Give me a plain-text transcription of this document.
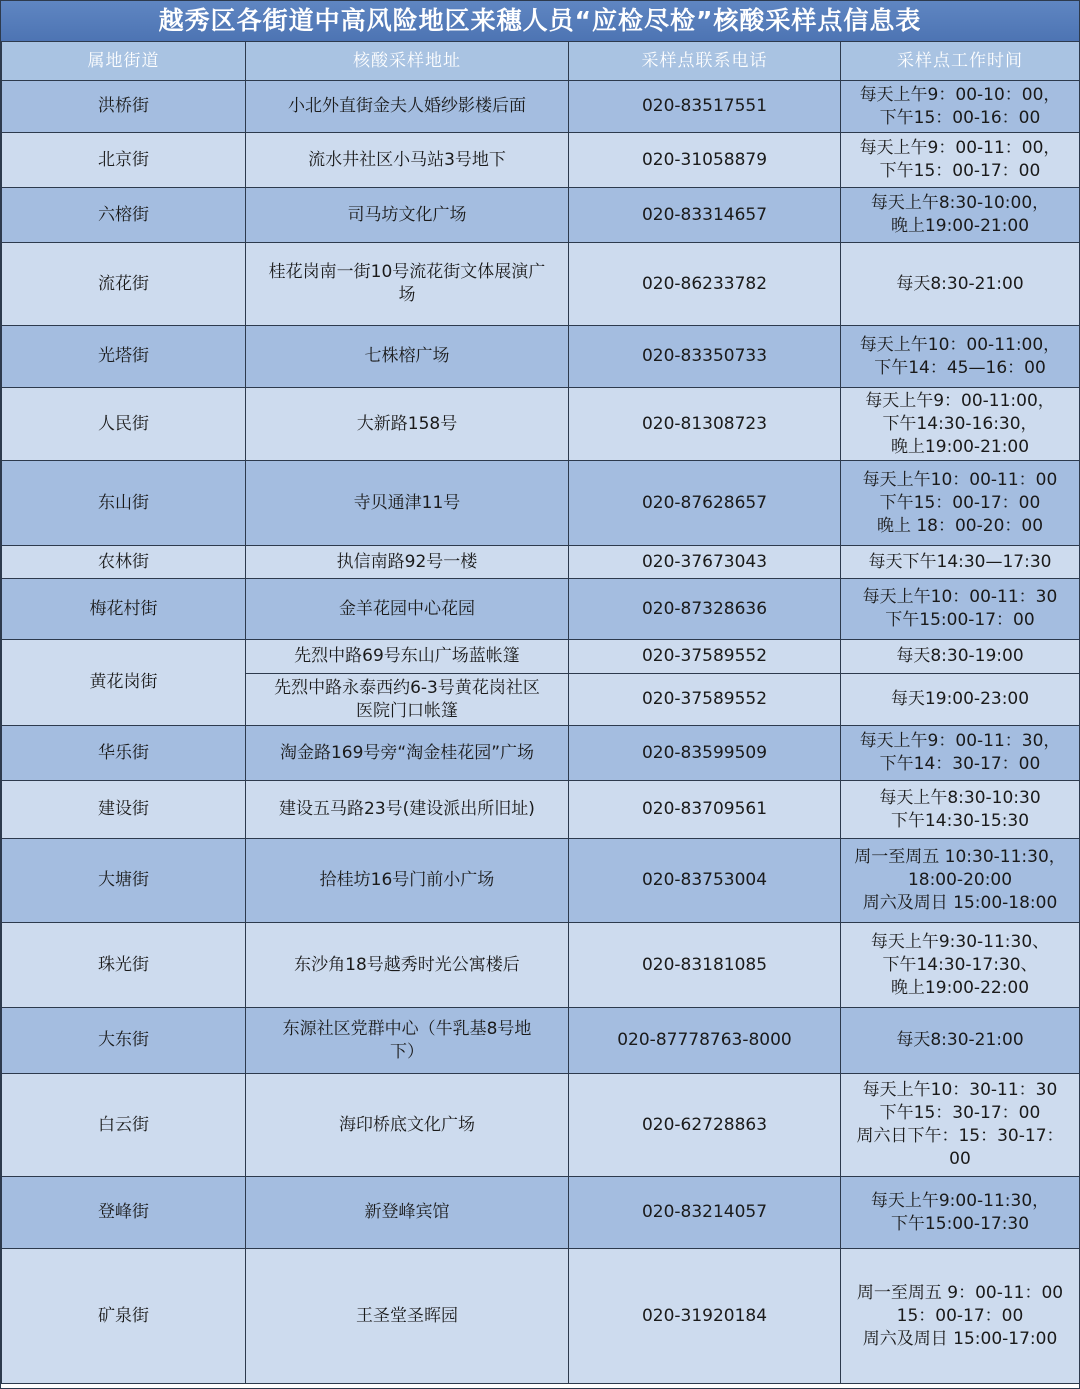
越秀区各街道中高风险地区来穗人员“应检尽检”核酸采样点信息表
属地街道	核酸采样地址	采样点联系电话	采样点工作时间
洪桥街	小北外直街金夫人婚纱影楼后面	020-83517551	每天上午9：00-10：00，
下午15：00-16：00

北京街	流水井社区小马站3号地下	020-31058879	每天上午9：00-11：00，
下午15：00-17：00

六榕街	司马坊文化广场	020-83314657	每天上午8:30-10:00，
晚上19:00-21:00

流花街	桂花岗南一街10号流花街文体展演广
场	020-86233782	每天8:30-21:00

光塔街	七株榕广场	020-83350733	每天上午10：00-11:00，
下午14：45—16：00

人民街	大新路158号	020-81308723	每天上午9：00-11:00，
下午14:30-16:30，
晚上19:00-21:00

东山街	寺贝通津11号	020-87628657	每天上午10：00-11：00
下午15：00-17：00
晚上 18：00-20：00

农林街	执信南路92号一楼	020-37673043	每天下午14:30—17:30

梅花村街	金羊花园中心花园	020-87328636	每天上午10：00-11：30
下午15:00-17：00

黄花岗街	先烈中路69号东山广场蓝帐篷	020-37589552	每天8:30-19:00

	先烈中路永泰西约6-3号黄花岗社区
医院门口帐篷	020-37589552	每天19:00-23:00

华乐街	淘金路169号旁“淘金桂花园”广场	020-83599509	每天上午9：00-11：30，
下午14：30-17：00

建设街	建设五马路23号(建设派出所旧址)	020-83709561	每天上午8:30-10:30
下午14:30-15:30

大塘街	拾桂坊16号门前小广场	020-83753004	周一至周五 10:30-11:30，
18:00-20:00
周六及周日 15:00-18:00

珠光街	东沙角18号越秀时光公寓楼后	020-83181085	每天上午9:30-11:30、
下午14:30-17:30、
晚上19:00-22:00

大东街	东源社区党群中心（牛乳基8号地
下）	020-87778763-8000	每天8:30-21:00

白云街	海印桥底文化广场	020-62728863	每天上午10：30-11：30
下午15：30-17：00
周六日下午：15：30-17：
00

登峰街	新登峰宾馆	020-83214057	每天上午9:00-11:30，
下午15:00-17:30

矿泉街	王圣堂圣晖园	020-31920184	周一至周五 9：00-11：00
15：00-17：00
周六及周日 15:00-17:00
